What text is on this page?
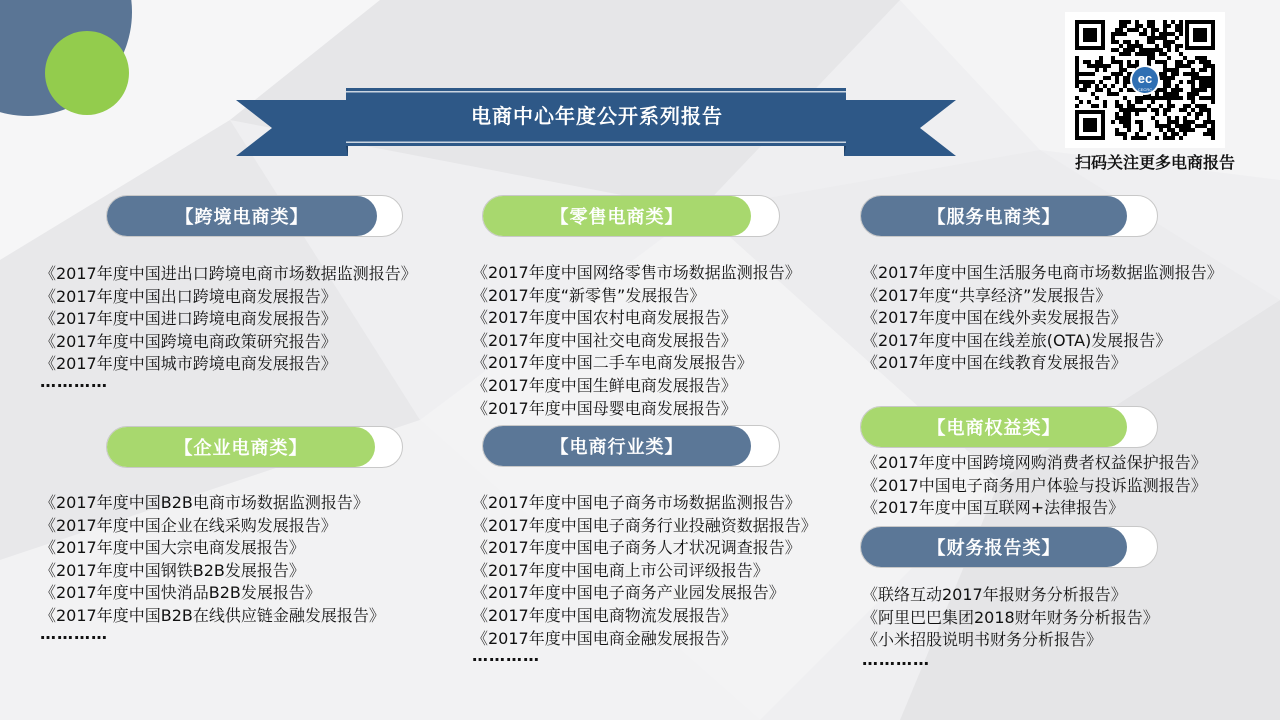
电商中心年度公开系列报告
ec
CECRC
扫码关注更多电商报告
【跨境电商类】
《2017年度中国进出口跨境电商市场数据监测报告》
《2017年度中国出口跨境电商发展报告》
《2017年度中国进口跨境电商发展报告》
《2017年度中国跨境电商政策研究报告》
《2017年度中国城市跨境电商发展报告》
…………
【企业电商类】
《2017年度中国B2B电商市场数据监测报告》
《2017年度中国企业在线采购发展报告》
《2017年度中国大宗电商发展报告》
《2017年度中国钢铁B2B发展报告》
《2017年度中国快消品B2B发展报告》
《2017年度中国B2B在线供应链金融发展报告》
…………
【零售电商类】
《2017年度中国网络零售市场数据监测报告》
《2017年度“新零售”发展报告》
《2017年度中国农村电商发展报告》
《2017年度中国社交电商发展报告》
《2017年度中国二手车电商发展报告》
《2017年度中国生鲜电商发展报告》
《2017年度中国母婴电商发展报告》
【电商行业类】
《2017年度中国电子商务市场数据监测报告》
《2017年度中国电子商务行业投融资数据报告》
《2017年度中国电子商务人才状况调查报告》
《2017年度中国电商上市公司评级报告》
《2017年度中国电子商务产业园发展报告》
《2017年度中国电商物流发展报告》
《2017年度中国电商金融发展报告》
…………
【服务电商类】
《2017年度中国生活服务电商市场数据监测报告》
《2017年度“共享经济”发展报告》
《2017年度中国在线外卖发展报告》
《2017年度中国在线差旅(OTA)发展报告》
《2017年度中国在线教育发展报告》
【电商权益类】
《2017年度中国跨境网购消费者权益保护报告》
《2017中国电子商务用户体验与投诉监测报告》
《2017年度中国互联网+法律报告》
【财务报告类】
《联络互动2017年报财务分析报告》
《阿里巴巴集团2018财年财务分析报告》
《小米招股说明书财务分析报告》
…………
